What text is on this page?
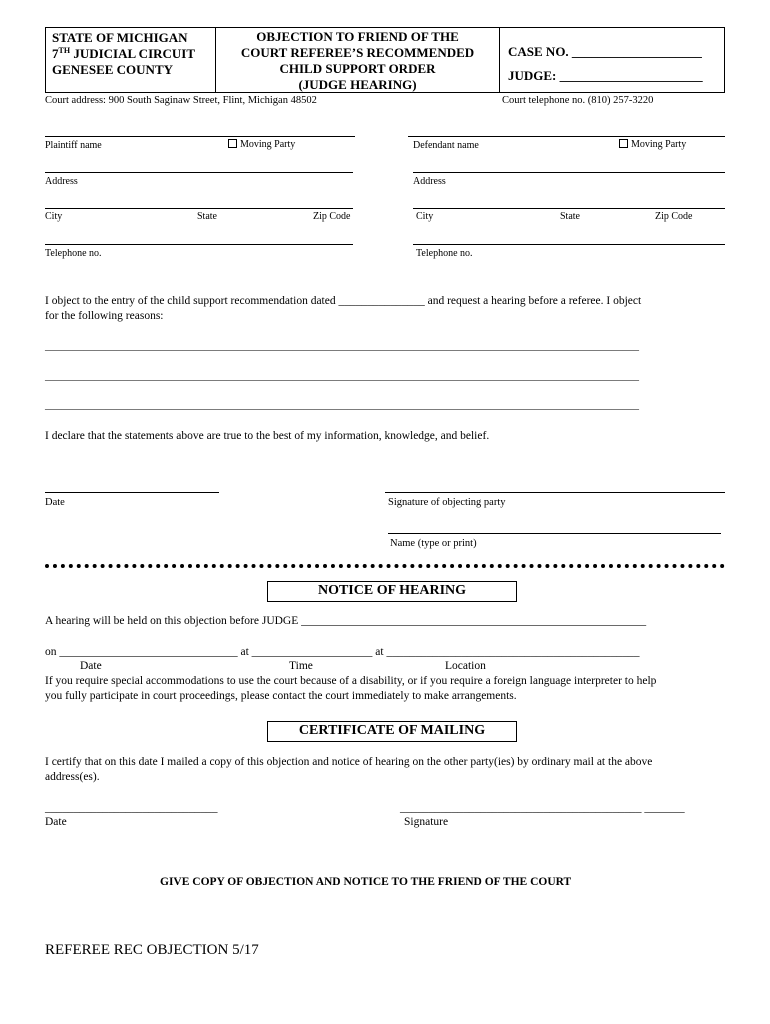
STATE OF MICHIGAN
7TH JUDICIAL CIRCUIT
GENESEE COUNTY
OBJECTION TO FRIEND OF THE
COURT REFEREE’S RECOMMENDED
CHILD SUPPORT ORDER
(JUDGE HEARING)
CASE NO. ____________________
JUDGE: ______________________
Court address: 900 South Saginaw Street, Flint, Michigan 48502	Court telephone no. (810) 257-3220
Plaintiff name	Moving Party
Address
City	State	Zip Code
Telephone no.
Defendant name	Moving Party
Address
City	State	Zip Code
Telephone no.
I object to the entry of the child support recommendation dated _______________ and request a hearing before a referee. I object
for the following reasons:
____________________________________________________________________________________________________________
____________________________________________________________________________________________________________
____________________________________________________________________________________________________________
I declare that the statements above are true to the best of my information, knowledge, and belief.
Date	Signature of objecting party
Name (type or print)
NOTICE OF HEARING
A hearing will be held on this objection before JUDGE ____________________________________________________________
on _______________________________ at _____________________ at ____________________________________________
Date	Time	Location
If you require special accommodations to use the court because of a disability, or if you require a foreign language interpreter to help
you fully participate in court proceedings, please contact the court immediately to make arrangements.
CERTIFICATE OF MAILING
I certify that on this date I mailed a copy of this objection and notice of hearing on the other party(ies) by ordinary mail at the above
address(es).
______________________________	__________________________________________ _______
Date	Signature
GIVE COPY OF OBJECTION AND NOTICE TO THE FRIEND OF THE COURT
REFEREE REC OBJECTION 5/17
